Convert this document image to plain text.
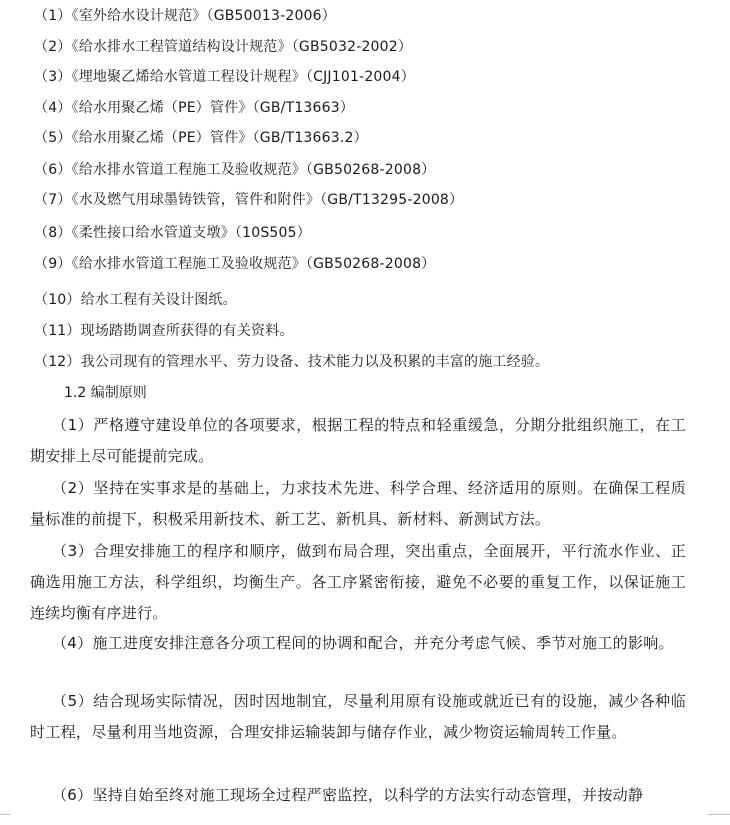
（1）《室外给水设计规范》（GB50013-2006）
（2）《给水排水工程管道结构设计规范》（GB5032-2002）
（3）《埋地聚乙烯给水管道工程设计规程》（CJJ101-2004）
（4）《给水用聚乙烯（PE）管件》（GB/T13663）
（5）《给水用聚乙烯（PE）管件》（GB/T13663.2）
（6）《给水排水管道工程施工及验收规范》（GB50268-2008）
（7）《水及燃气用球墨铸铁管，管件和附件》（GB/T13295-2008）
（8）《柔性接口给水管道支墩》（10S505）
（9）《给水排水管道工程施工及验收规范》（GB50268-2008）
（10）给水工程有关设计图纸。
（11）现场踏勘调查所获得的有关资料。
（12）我公司现有的管理水平、劳力设备、技术能力以及积累的丰富的施工经验。
1.2 编制原则
（1）严格遵守建设单位的各项要求，根据工程的特点和轻重缓急，分期分批组织施工，在工期安排上尽可能提前完成。
（2）坚持在实事求是的基础上，力求技术先进、科学合理、经济适用的原则。在确保工程质量标准的前提下，积极采用新技术、新工艺、新机具、新材料、新测试方法。
（3）合理安排施工的程序和顺序，做到布局合理，突出重点，全面展开，平行流水作业、正确选用施工方法，科学组织，均衡生产。各工序紧密衔接，避免不必要的重复工作，以保证施工连续均衡有序进行。
（4）施工进度安排注意各分项工程间的协调和配合，并充分考虑气候、季节对施工的影响。
（5）结合现场实际情况，因时因地制宜，尽量利用原有设施或就近已有的设施，减少各种临时工程，尽量利用当地资源，合理安排运输装卸与储存作业，减少物资运输周转工作量。
（6）坚持自始至终对施工现场全过程严密监控，以科学的方法实行动态管理，并按动静
